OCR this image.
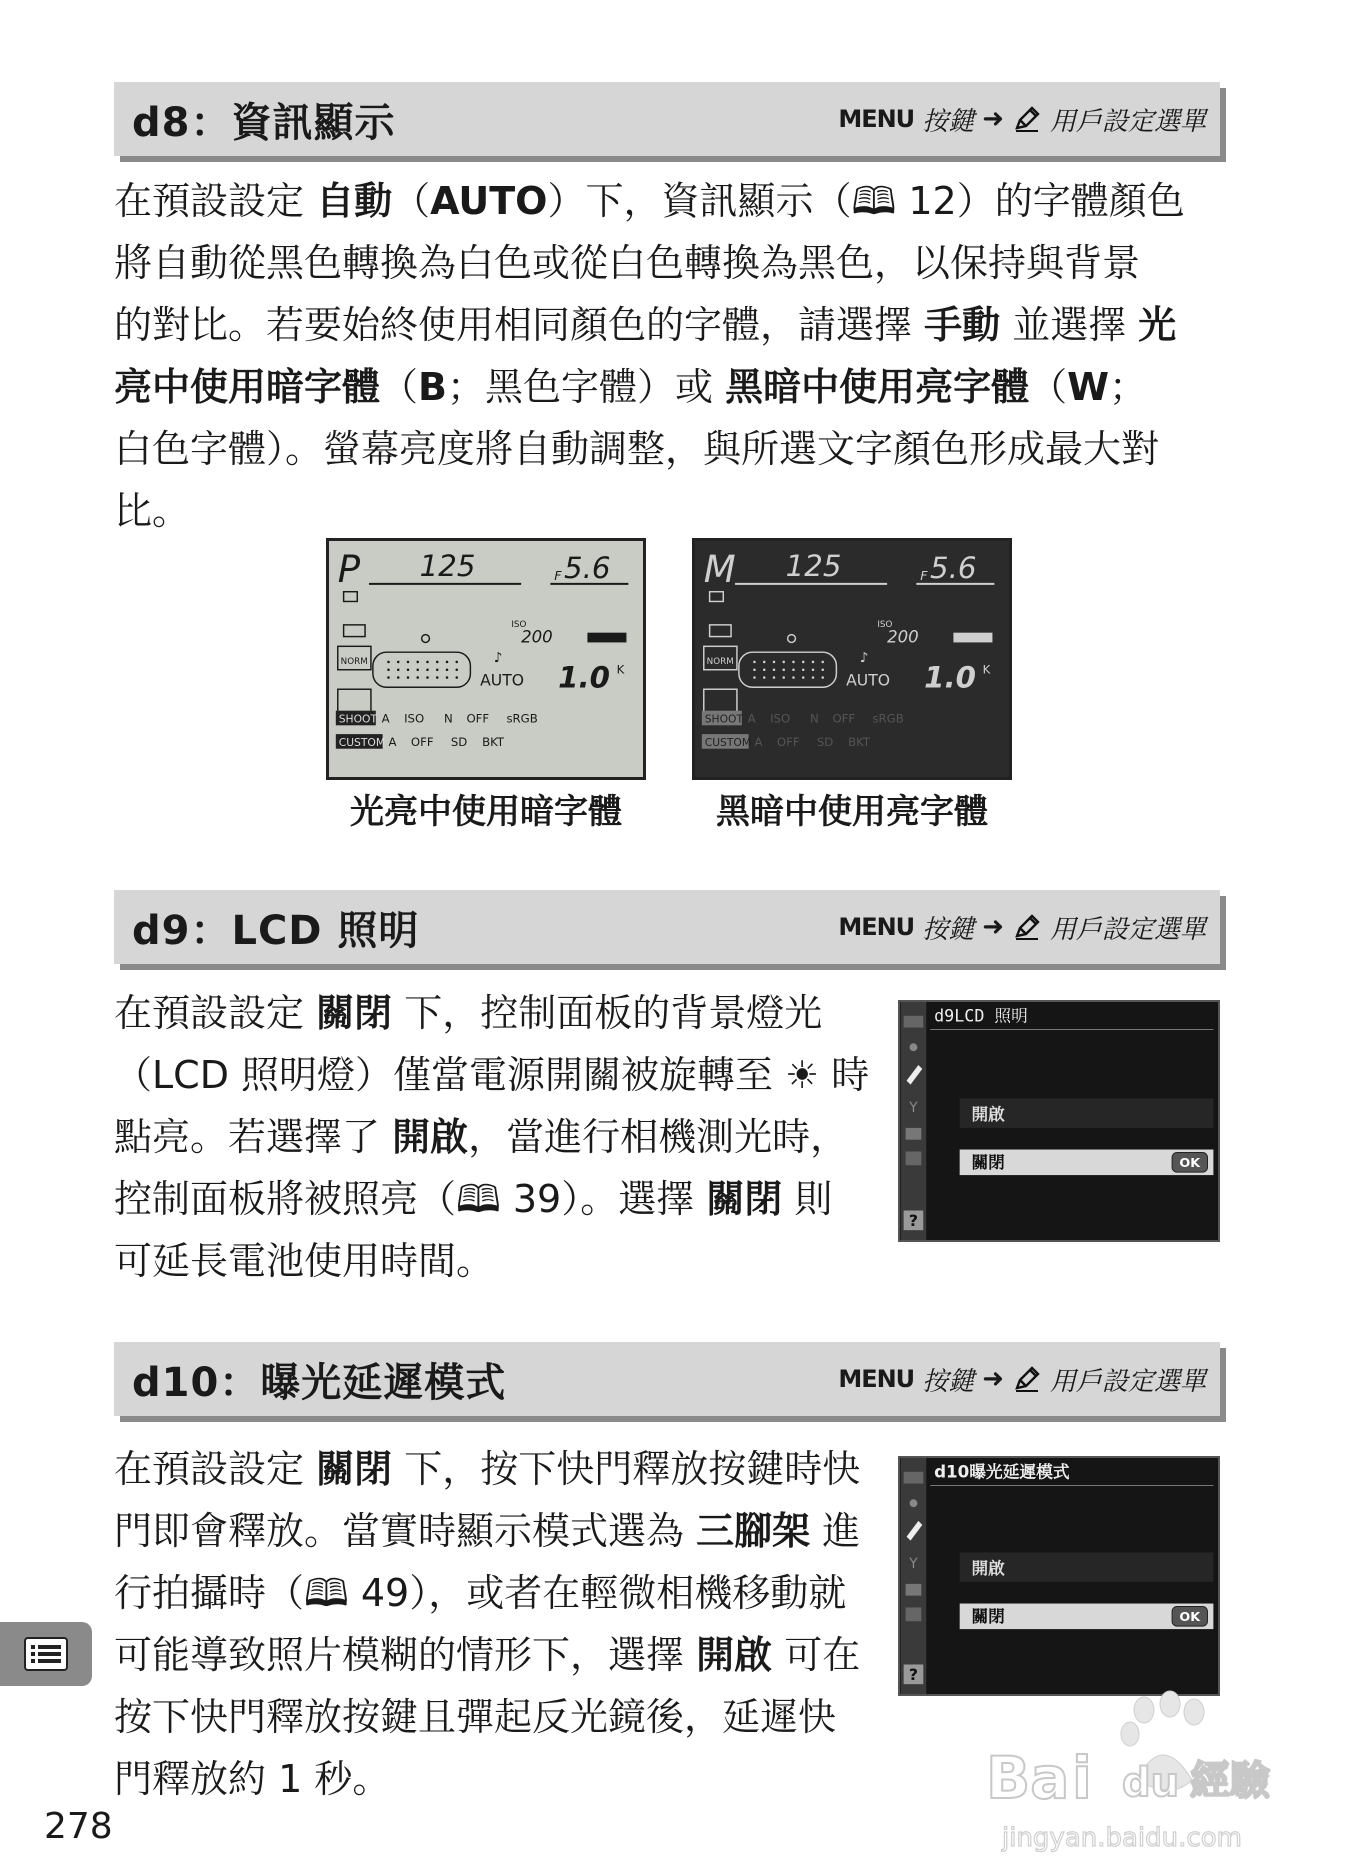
d8：資訊顯示	MENU 按鍵 ➜ 用戶設定選單
在預設設定 自動（AUTO）下，資訊顯示（🕮 12）的字體顏色
將自動從黑色轉換為白色或從白色轉換為黑色，以保持與背景
的對比。若要始終使用相同顏色的字體，請選擇 手動 並選擇 光
亮中使用暗字體（B；黑色字體）或 黑暗中使用亮字體（W；
白色字體）。螢幕亮度將自動調整，與所選文字顏色形成最大對
比。
P 125	F 5.6
ISO
200
NORM	♪
AUTO 1.0 K
SHOOT A ISO N OFF sRGB
CUSTOM A OFF SD BKT
M 125	F 5.6
ISO
200
NORM	♪
AUTO 1.0 K
SHOOT A ISO N OFF sRGB
CUSTOM A OFF SD BKT
光亮中使用暗字體	黑暗中使用亮字體
d9：LCD 照明	MENU 按鍵 ➜ 用戶設定選單
在預設設定 關閉 下，控制面板的背景燈光
（LCD 照明燈）僅當電源開關被旋轉至 ☀ 時
點亮。若選擇了 開啟，當進行相機測光時，
控制面板將被照亮（🕮 39）。選擇 關閉 則
可延長電池使用時間。
Y
?
d9LCD 照明
開啟
關閉	OK
d10：曝光延遲模式	MENU 按鍵 ➜ 用戶設定選單
在預設設定 關閉 下，按下快門釋放按鍵時快
門即會釋放。當實時顯示模式選為 三腳架 進
行拍攝時（🕮 49），或者在輕微相機移動就
可能導致照片模糊的情形下，選擇 開啟 可在
按下快門釋放按鍵且彈起反光鏡後，延遲快
門釋放約 1 秒。
Y
?
d10曝光延遲模式
開啟
關閉	OK
278
Ba i du 經驗
jingyan.baidu.com
